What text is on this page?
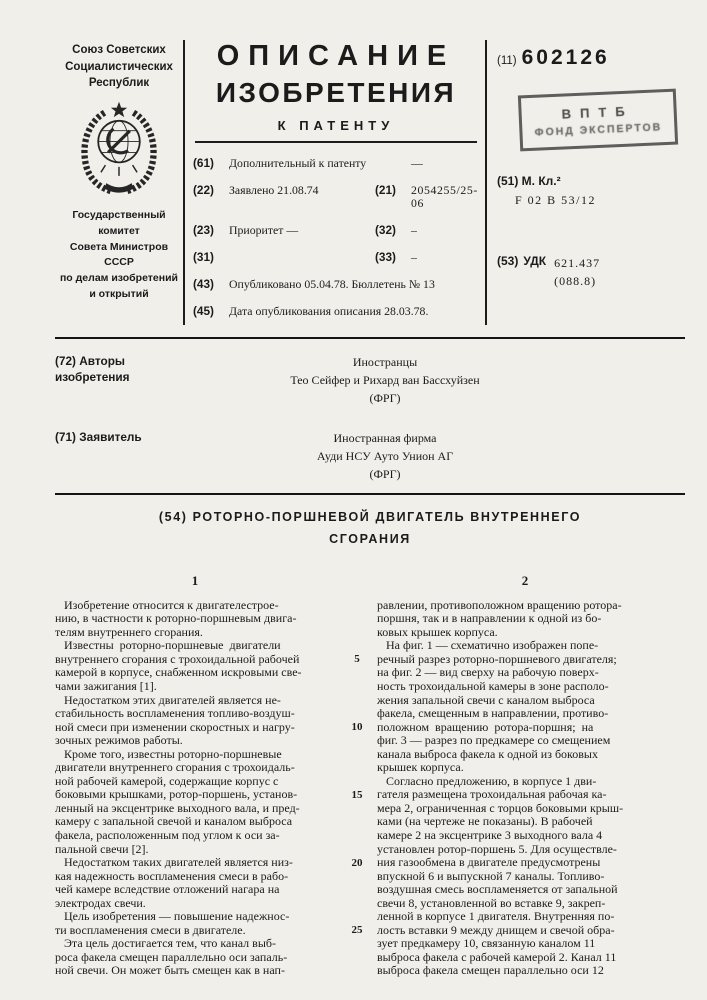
Союз Советских
Социалистических
Республик
Государственный комитет
Совета Министров СССР
по делам изобретений
и открытий
ОПИСАНИЕ
ИЗОБРЕТЕНИЯ
К ПАТЕНТУ
(61)	Дополнительный к патенту	—
(22)	Заявлено 21.08.74	(21)	2054255/25-06
(23)	Приоритет —	(32)	–
(31)	(33)	–
(43)	Опубликовано 05.04.78. Бюллетень № 13
(45)	Дата опубликования описания 28.03.78.
(11) 602126
ВПТБ
ФОНД ЭКСПЕРТОВ
(51) М. Кл.²
F 02 B 53/12
(53) УДК 621.437
(088.8)
(72) Авторы
изобретения
Иностранцы
Тео Сейфер и Рихард ван Бассхуйзен
(ФРГ)
(71) Заявитель	Иностранная фирма
Ауди НСУ Ауто Унион АГ
(ФРГ)
(54) РОТОРНО-ПОРШНЕВОЙ ДВИГАТЕЛЬ ВНУТРЕННЕГО
СГОРАНИЯ
1	2
Изобретение относится к двигателестрое-
нию, в частности к роторно-поршневым двига-
телям внутреннего сгорания.
Известны  роторно-поршневые  двигатели
внутреннего сгорания с трохоидальной рабочей
камерой в корпусе, снабженном искровыми све-
чами зажигания [1].
Недостатком этих двигателей является не-
стабильность воспламенения топливо-воздуш-
ной смеси при изменении скоростных и нагру-
зочных режимов работы.
Кроме того, известны роторно-поршневые
двигатели внутреннего сгорания с трохоидаль-
ной рабочей камерой, содержащие корпус с
боковыми крышками, ротор-поршень, установ-
ленный на эксцентрике выходного вала, и пред-
камеру с запальной свечой и каналом выброса
факела, расположенным под углом к оси за-
пальной свечи [2].
Недостатком таких двигателей является низ-
кая надежность воспламенения смеси в рабо-
чей камере вследствие отложений нагара на
электродах свечи.
Цель изобретения — повышение надежнос-
ти воспламенения смеси в двигателе.
Эта цель достигается тем, что канал выб-
роса факела смещен параллельно оси запаль-
ной свечи. Он может быть смещен как в нап-
5
10
15
20
25
равлении, противоположном вращению ротора-
поршня, так и в направлении к одной из бо-
ковых крышек корпуса.
На фиг. 1 — схематично изображен попе-
речный разрез роторно-поршневого двигателя;
на фиг. 2 — вид сверху на рабочую поверх-
ность трохоидальной камеры в зоне располо-
жения запальной свечи с каналом выброса
факела, смещенным в направлении, противо-
положном  вращению  ротора-поршня;  на
фиг. 3 — разрез по предкамере со смещением
канала выброса факела к одной из боковых
крышек корпуса.
Согласно предложению, в корпусе 1 дви-
гателя размещена трохоидальная рабочая ка-
мера 2, ограниченная с торцов боковыми крыш-
ками (на чертеже не показаны). В рабочей
камере 2 на эксцентрике 3 выходного вала 4
установлен ротор-поршень 5. Для осуществле-
ния газообмена в двигателе предусмотрены
впускной 6 и выпускной 7 каналы. Топливо-
воздушная смесь воспламеняется от запальной
свечи 8, установленной во вставке 9, закреп-
ленной в корпусе 1 двигателя. Внутренняя по-
лость вставки 9 между днищем и свечой обра-
зует предкамеру 10, связанную каналом 11
выброса факела с рабочей камерой 2. Канал 11
выброса факела смещен параллельно оси 12
